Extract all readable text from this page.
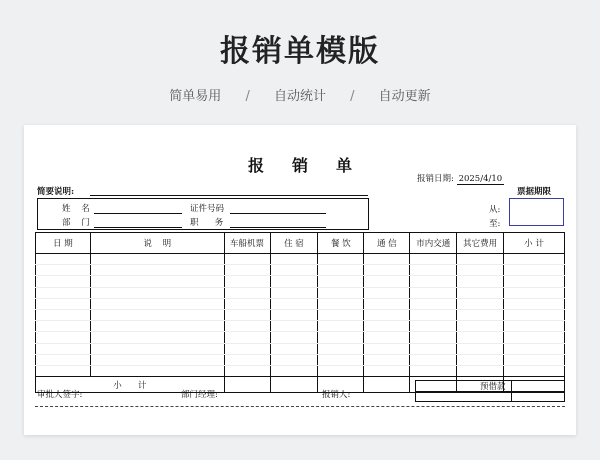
报销单模版
简单易用 / 自动统计 / 自动更新
报 销 单
报销日期: 2025/4/10
简要说明:	票据期限
姓    名	证件号码
部    门	职      务
从:
至:
日 期	说    明	车船机票	住 宿	餐 饮	通 信	市内交通	其它费用	小 计

小      计								
审批人签字:	部门经理:	报销人:
预借款
